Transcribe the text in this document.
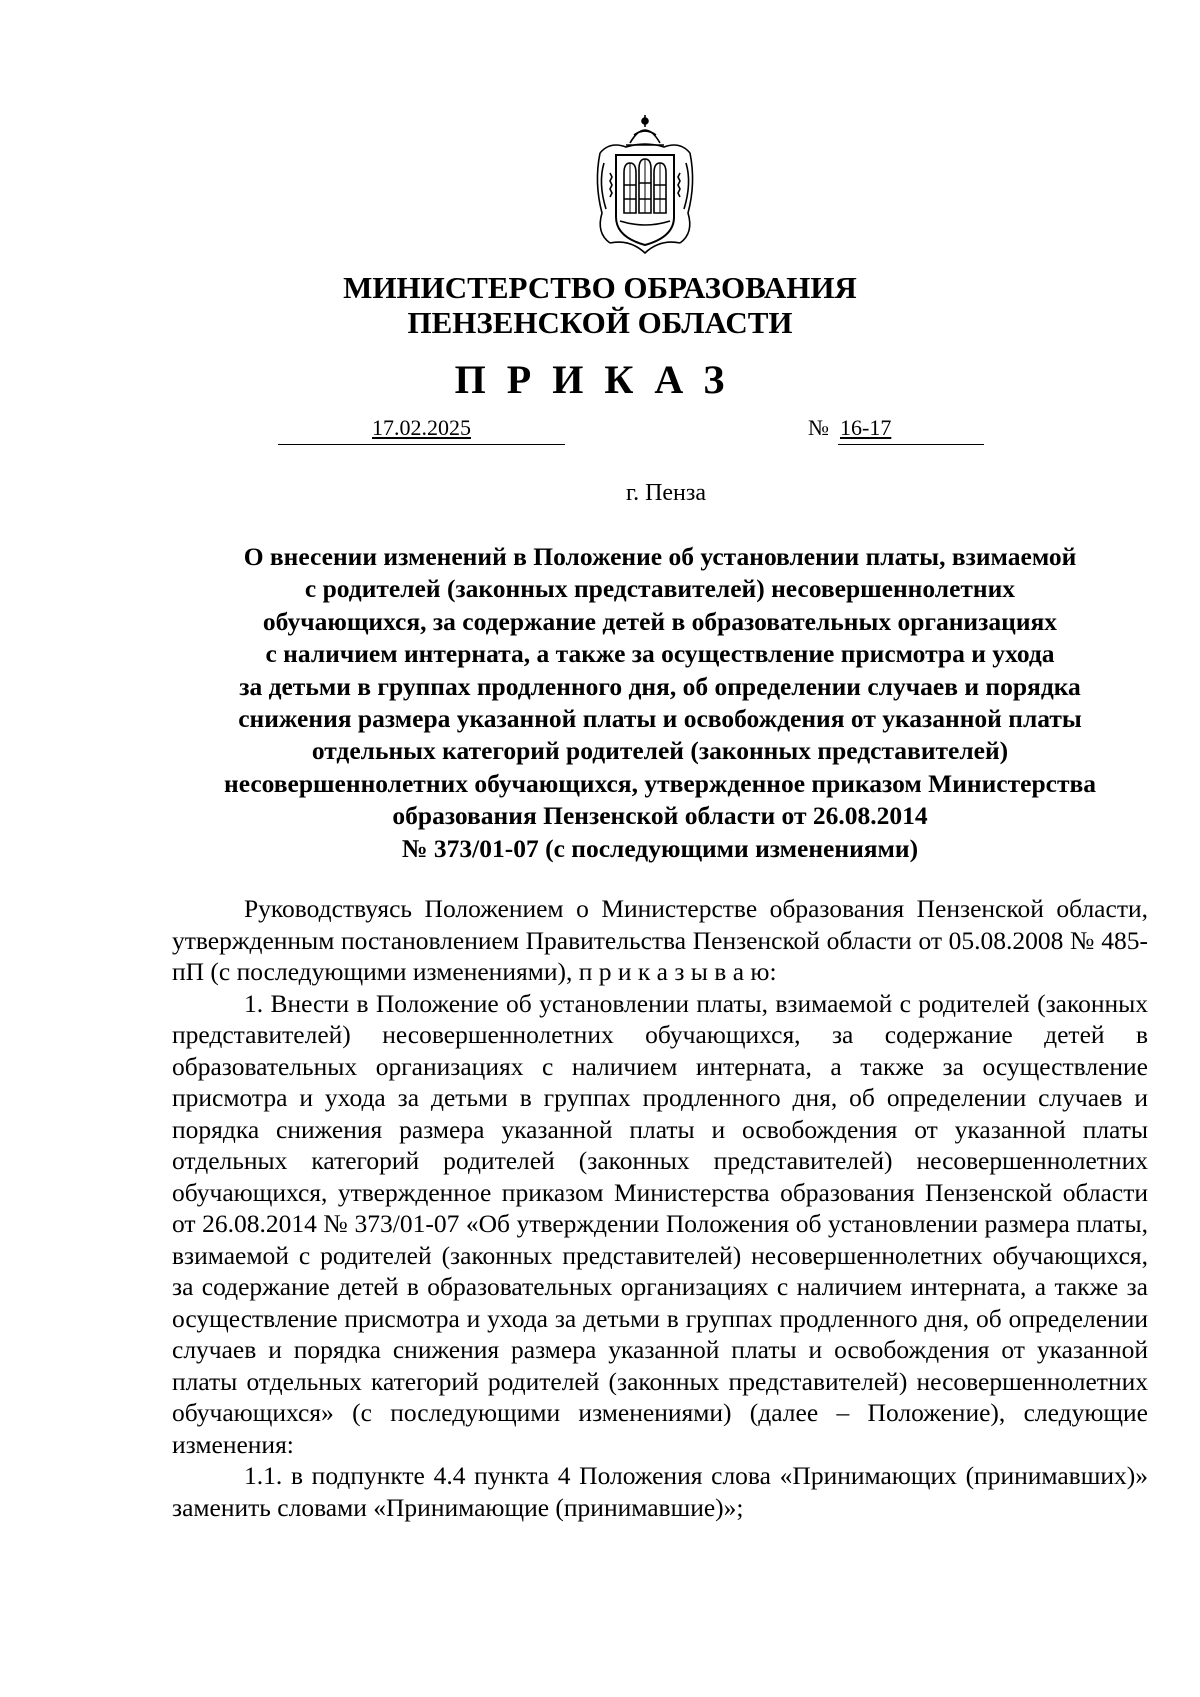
МИНИСТЕРСТВО ОБРАЗОВАНИЯ
ПЕНЗЕНСКОЙ ОБЛАСТИ
ПРИКАЗ
17.02.2025	№ 16-17
г. Пенза
О внесении изменений в Положение об установлении платы, взимаемой
с родителей (законных представителей) несовершеннолетних
обучающихся, за содержание детей в образовательных организациях
с наличием интерната, а также за осуществление присмотра и ухода
за детьми в группах продленного дня, об определении случаев и порядка
снижения размера указанной платы и освобождения от указанной платы
отдельных категорий родителей (законных представителей)
несовершеннолетних обучающихся, утвержденное приказом Министерства
образования Пензенской области от 26.08.2014
№ 373/01-07 (с последующими изменениями)

Руководствуясь Положением о Министерстве образования Пензенской области, утвержденным постановлением Правительства Пензенской области от 05.08.2008 № 485-пП (с последующими изменениями), п р и к а з ы в а ю:

1. Внести в Положение об установлении платы, взимаемой с родителей (законных представителей) несовершеннолетних обучающихся, за содержание детей в образовательных организациях с наличием интерната, а также за осуществление присмотра и ухода за детьми в группах продленного дня, об определении случаев и порядка снижения размера указанной платы и освобождения от указанной платы отдельных категорий родителей (законных представителей) несовершеннолетних обучающихся, утвержденное приказом Министерства образования Пензенской области от 26.08.2014 № 373/01-07 «Об утверждении Положения об установлении размера платы, взимаемой с родителей (законных представителей) несовершеннолетних обучающихся, за содержание детей в образовательных организациях с наличием интерната, а также за осуществление присмотра и ухода за детьми в группах продленного дня, об определении случаев и порядка снижения размера указанной платы и освобождения от указанной платы отдельных категорий родителей (законных представителей) несовершеннолетних обучающихся» (с последующими изменениями) (далее – Положение), следующие изменения:

1.1. в подпункте 4.4 пункта 4 Положения слова «Принимающих (принимавших)» заменить словами «Принимающие (принимавшие)»;
